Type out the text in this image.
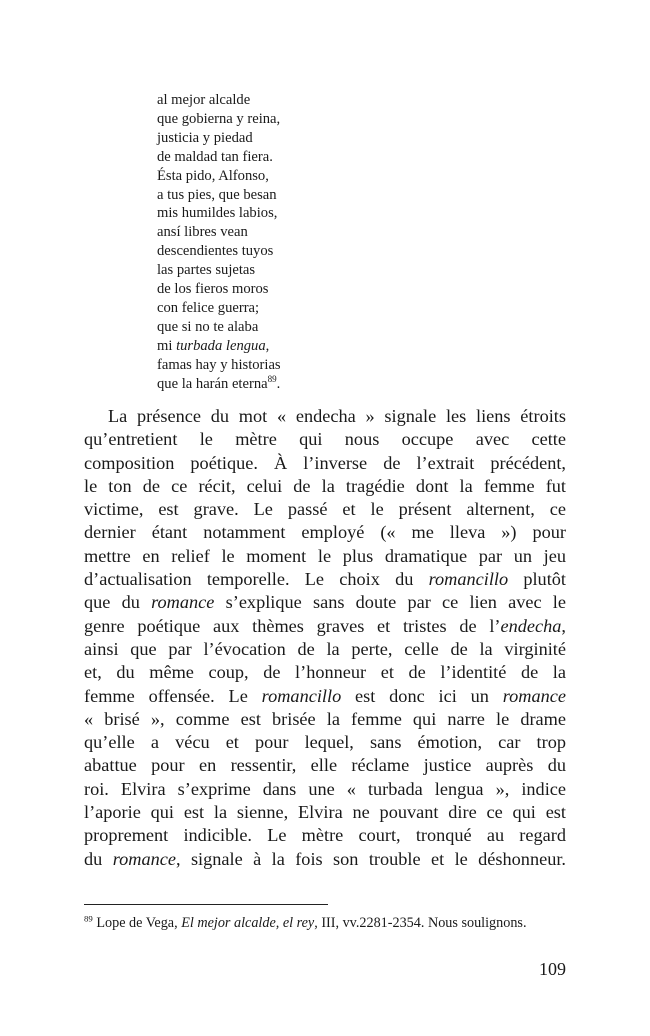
al mejor alcalde
que gobierna y reina,
justicia y piedad
de maldad tan fiera.
Ésta pido, Alfonso,
a tus pies, que besan
mis humildes labios,
ansí libres vean
descendientes tuyos
las partes sujetas
de los fieros moros
con felice guerra;
que si no te alaba
mi turbada lengua,
famas hay y historias
que la harán eterna$^{89}$.
La présence du mot « endecha » signale les liens étroits
qu’entretient le mètre qui nous occupe avec cette
composition poétique. À l’inverse de l’extrait précédent,
le ton de ce récit, celui de la tragédie dont la femme fut
victime, est grave. Le passé et le présent alternent, ce
dernier étant notamment employé (« me lleva ») pour
mettre en relief le moment le plus dramatique par un jeu
d’actualisation temporelle. Le choix du romancillo plutôt
que du romance s’explique sans doute par ce lien avec le
genre poétique aux thèmes graves et tristes de l’endecha,
ainsi que par l’évocation de la perte, celle de la virginité
et, du même coup, de l’honneur et de l’identité de la
femme offensée. Le romancillo est donc ici un romance
« brisé », comme est brisée la femme qui narre le drame
qu’elle a vécu et pour lequel, sans émotion, car trop
abattue pour en ressentir, elle réclame justice auprès du
roi. Elvira s’exprime dans une « turbada lengua », indice
l’aporie qui est la sienne, Elvira ne pouvant dire ce qui est
proprement indicible. Le mètre court, tronqué au regard
du romance, signale à la fois son trouble et le déshonneur.
$^{89}$ Lope de Vega, El mejor alcalde, el rey, III, vv.2281-2354. Nous soulignons.
109
